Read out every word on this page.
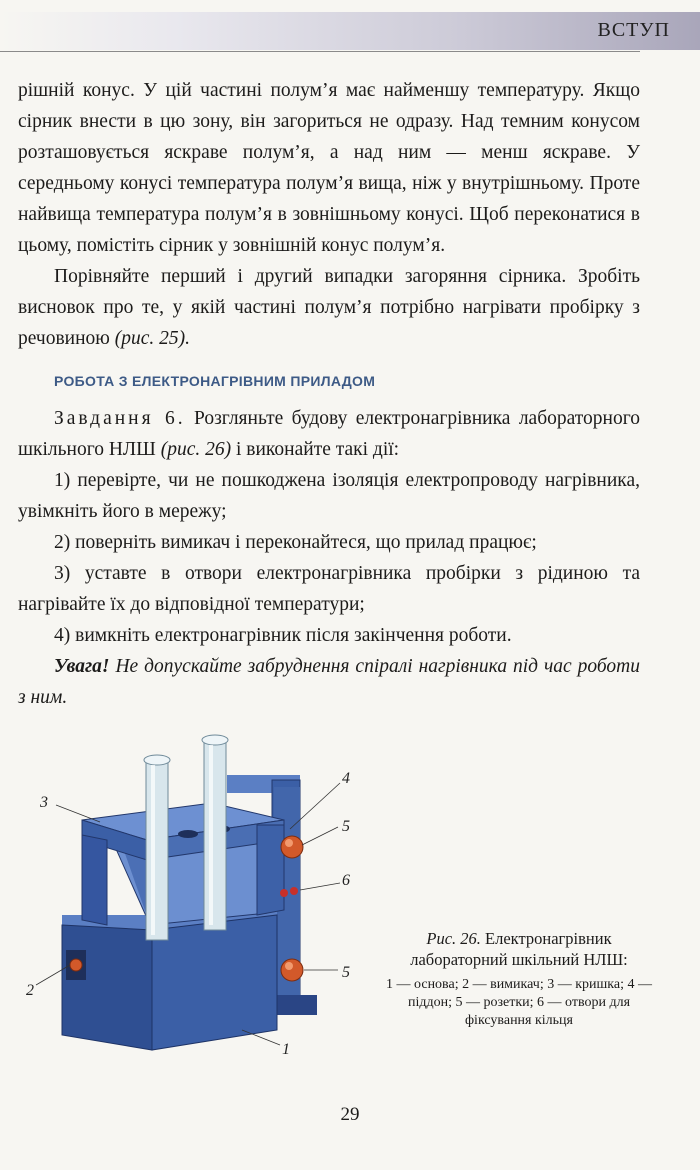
ВСТУП

рішній конус. У цій частині полум’я має найменшу температуру. Якщо сірник внести в цю зону, він загориться не одразу. Над темним конусом розташовується яскраве полум’я, а над ним — менш яскраве. У середньому конусі температура полум’я вища, ніж у внутрішньому. Проте найвища температура полум’я в зовнішньому конусі. Щоб переконатися в цьому, помістіть сірник у зовнішній конус полум’я.

Порівняйте перший і другий випадки загоряння сірника. Зробіть висновок про те, у якій частині полум’я потрібно нагрівати пробірку з речовиною (рис. 25).

РОБОТА З ЕЛЕКТРОНАГРІВНИМ ПРИЛАДОМ

Завдання 6. Розгляньте будову електронагрівника лабораторного шкільного НЛШ (рис. 26) і виконайте такі дії:

1) перевірте, чи не пошкоджена ізоляція електропроводу нагрівника, увімкніть його в мережу;

2) поверніть вимикач і переконайтеся, що прилад працює;

3) уставте в отвори електронагрівника пробірки з рідиною та нагрівайте їх до відповідної температури;

4) вимкніть електронагрівник після закінчення роботи.

Увага! Не допускайте забруднення спіралі нагрівника під час роботи з ним.

3
4
5
6
5
2
1
Рис. 26. Електронагрівник лабораторний шкільний НЛШ:
1 — основа; 2 — вимикач; 3 — кришка; 4 — піддон; 5 — розетки; 6 — отвори для фіксування кільця
29
